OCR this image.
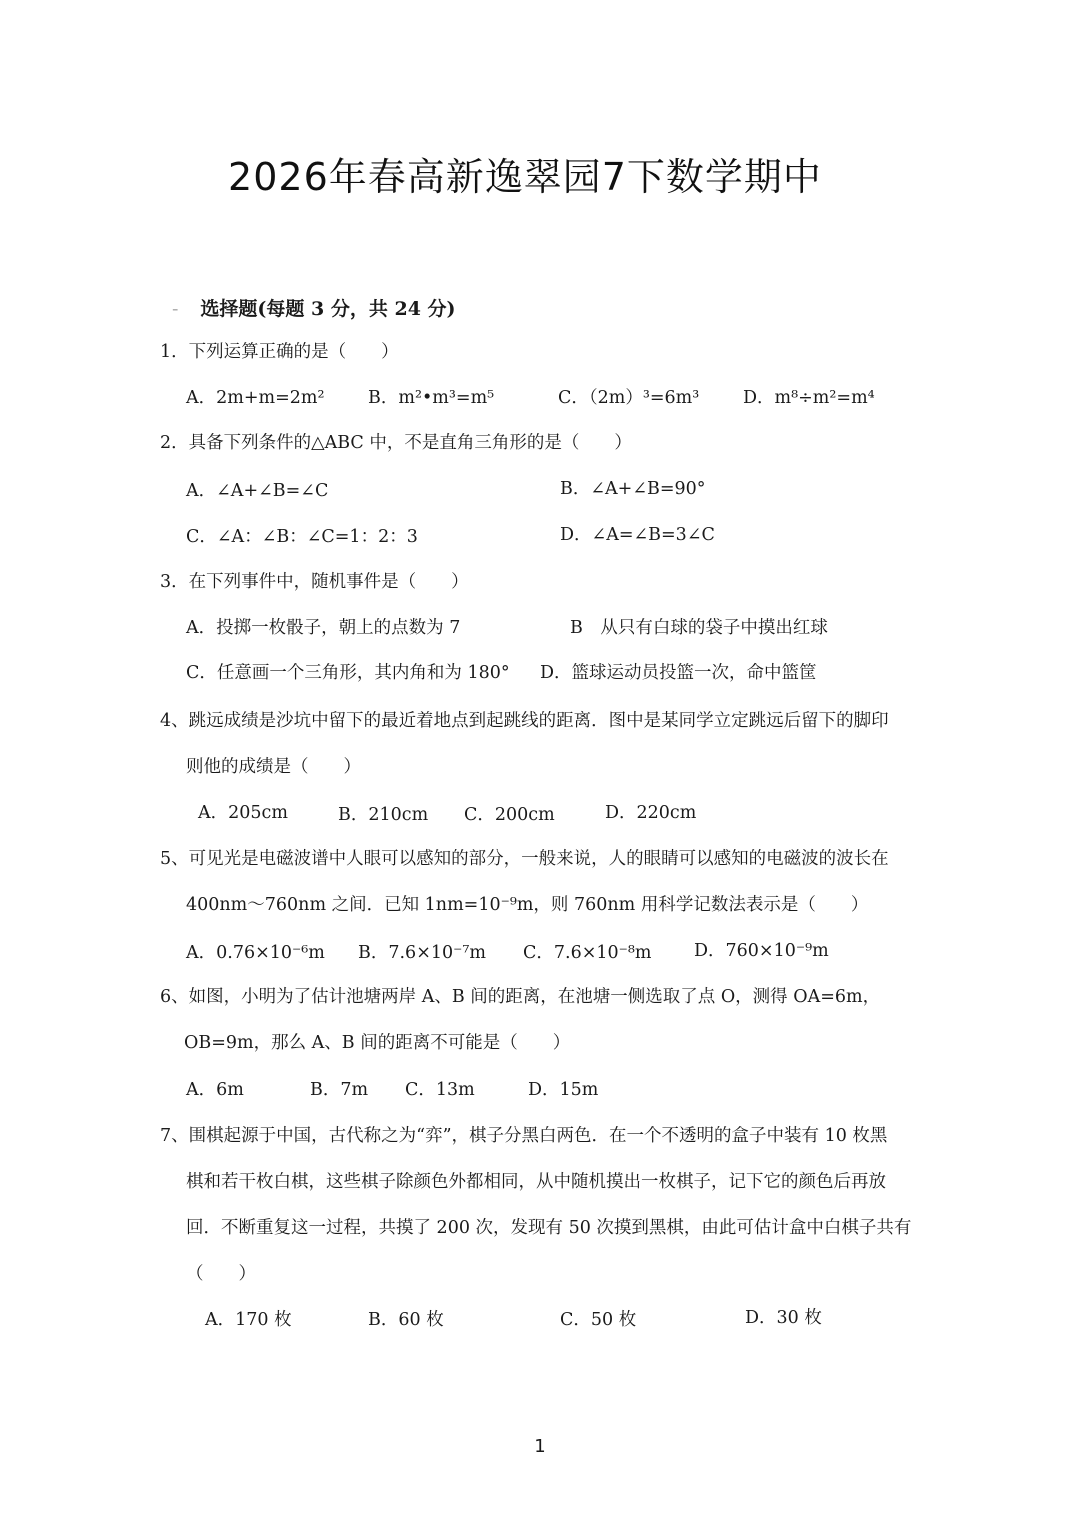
2026年春高新逸翠园7下数学期中
- 选择题(每题 3 分，共 24 分)
1．下列运算正确的是（　　）
A．2m+m=2m² B．m²•m³=m⁵	C．（2m）³=6m³ D．m⁸÷m²=m⁴
2．具备下列条件的△ABC 中，不是直角三角形的是（　　）
A．∠A+∠B=∠C	B．∠A+∠B=90°
C．∠A：∠B：∠C=1：2：3	D．∠A=∠B=3∠C
3．在下列事件中，随机事件是（　　）
A．投掷一枚骰子，朝上的点数为 7	B　从只有白球的袋子中摸出红球
C．任意画一个三角形，其内角和为 180° D．篮球运动员投篮一次，命中篮筐
4、跳远成绩是沙坑中留下的最近着地点到起跳线的距离．图中是某同学立定跳远后留下的脚印
则他的成绩是（　　）
A．205cm	B．210cm C．200cm	D．220cm
5、可见光是电磁波谱中人眼可以感知的部分，一般来说，人的眼睛可以感知的电磁波的波长在
400nm～760nm 之间．已知 1nm=10⁻⁹m，则 760nm 用科学记数法表示是（　　）
A．0.76×10⁻⁶m B．7.6×10⁻⁷m C．7.6×10⁻⁸m D．760×10⁻⁹m
6、如图，小明为了估计池塘两岸 A、B 间的距离，在池塘一侧选取了点 O，测得 OA=6m，
OB=9m，那么 A、B 间的距离不可能是（　　）
A．6m	B．7m C．13m	D．15m
7、围棋起源于中国，古代称之为“弈”，棋子分黑白两色．在一个不透明的盒子中装有 10 枚黑
棋和若干枚白棋，这些棋子除颜色外都相同，从中随机摸出一枚棋子，记下它的颜色后再放
回．不断重复这一过程，共摸了 200 次，发现有 50 次摸到黑棋，由此可估计盒中白棋子共有
（　　）
A．170 枚	B．60 枚	C．50 枚	D．30 枚
1
